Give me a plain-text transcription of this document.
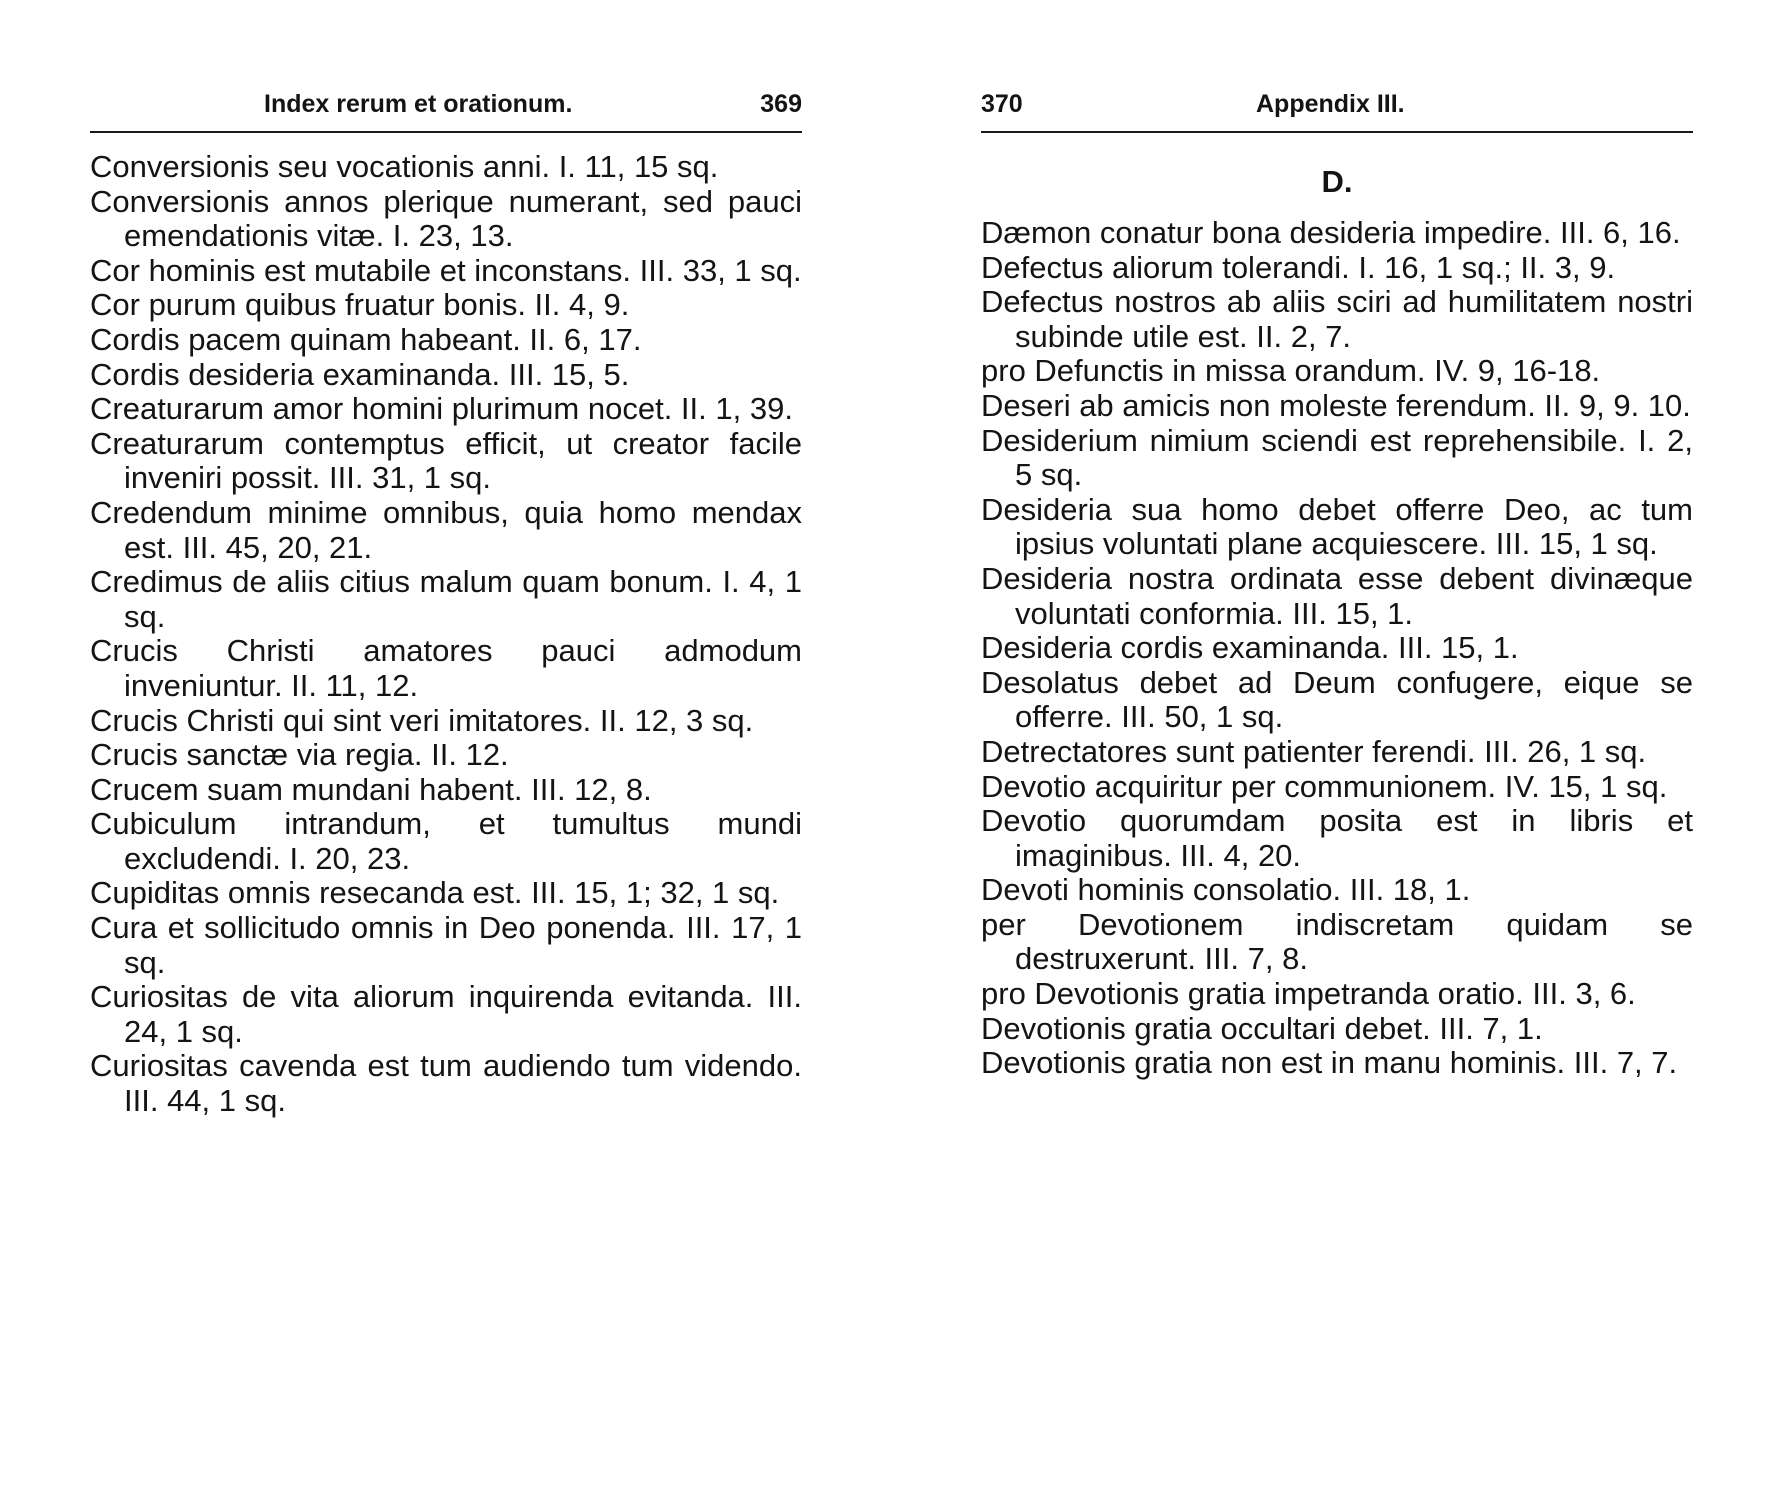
Index rerum et orationum.	369
Conversionis seu vocationis anni. I. 11, 15 sq.
Conversionis annos plerique numerant, sed pauci emendationis vitæ. I. 23, 13.
Cor hominis est mutabile et inconstans. III. 33, 1 sq.
Cor purum quibus fruatur bonis. II. 4, 9.
Cordis pacem quinam habeant. II. 6, 17.
Cordis desideria examinanda. III. 15, 5.
Creaturarum amor homini plurimum nocet. II. 1, 39.
Creaturarum contemptus efficit, ut creator facile inveniri possit. III. 31, 1 sq.
Credendum minime omnibus, quia homo mendax est. III. 45, 20, 21.
Credimus de aliis citius malum quam bonum. I. 4, 1 sq.
Crucis Christi amatores pauci admodum inveniuntur. II. 11, 12.
Crucis Christi qui sint veri imitatores. II. 12, 3 sq.
Crucis sanctæ via regia. II. 12.
Crucem suam mundani habent. III. 12, 8.
Cubiculum intrandum, et tumultus mundi excludendi. I. 20, 23.
Cupiditas omnis resecanda est. III. 15, 1; 32, 1 sq.
Cura et sollicitudo omnis in Deo ponenda. III. 17, 1 sq.
Curiositas de vita aliorum inquirenda evitanda. III. 24, 1 sq.
Curiositas cavenda est tum audiendo tum videndo. III. 44, 1 sq.
370	Appendix III.
D.
Dæmon conatur bona desideria impedire. III. 6, 16.
Defectus aliorum tolerandi. I. 16, 1 sq.; II. 3, 9.
Defectus nostros ab aliis sciri ad humilitatem nostri subinde utile est. II. 2, 7.
pro Defunctis in missa orandum. IV. 9, 16-18.
Deseri ab amicis non moleste ferendum. II. 9, 9. 10.
Desiderium nimium sciendi est reprehensibile. I. 2, 5 sq.
Desideria sua homo debet offerre Deo, ac tum ipsius voluntati plane acquiescere. III. 15, 1 sq.
Desideria nostra ordinata esse debent divinæque voluntati conformia. III. 15, 1.
Desideria cordis examinanda. III. 15, 1.
Desolatus debet ad Deum confugere, eique se offerre. III. 50, 1 sq.
Detrectatores sunt patienter ferendi. III. 26, 1 sq.
Devotio acquiritur per communionem. IV. 15, 1 sq.
Devotio quorumdam posita est in libris et imaginibus. III. 4, 20.
Devoti hominis consolatio. III. 18, 1.
per Devotionem indiscretam quidam se destruxerunt. III. 7, 8.
pro Devotionis gratia impetranda oratio. III. 3, 6.
Devotionis gratia occultari debet. III. 7, 1.
Devotionis gratia non est in manu hominis. III. 7, 7.
